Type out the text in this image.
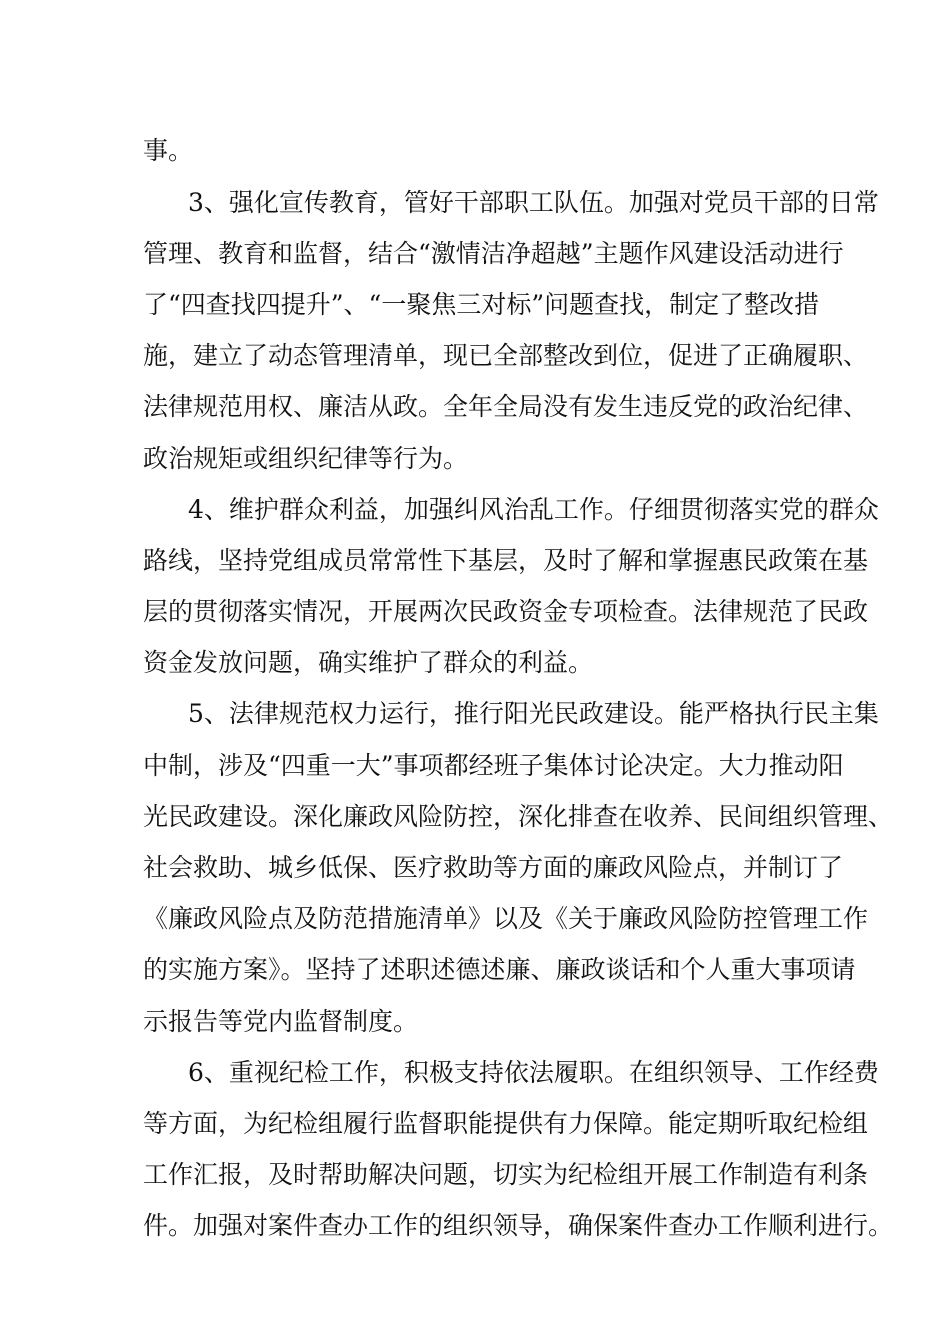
事。

3、强化宣传教育，管好干部职工队伍。加强对党员干部的日常

管理、教育和监督，结合“激情洁净超越”主题作风建设活动进行

了“四查找四提升”、“一聚焦三对标”问题查找，制定了整改措

施，建立了动态管理清单，现已全部整改到位，促进了正确履职、

法律规范用权、廉洁从政。全年全局没有发生违反党的政治纪律、

政治规矩或组织纪律等行为。

4、维护群众利益，加强纠风治乱工作。仔细贯彻落实党的群众

路线，坚持党组成员常常性下基层，及时了解和掌握惠民政策在基

层的贯彻落实情况，开展两次民政资金专项检查。法律规范了民政

资金发放问题，确实维护了群众的利益。

5、法律规范权力运行，推行阳光民政建设。能严格执行民主集

中制，涉及“四重一大”事项都经班子集体讨论决定。大力推动阳

光民政建设。深化廉政风险防控，深化排查在收养、民间组织管理、

社会救助、城乡低保、医疗救助等方面的廉政风险点，并制订了

《廉政风险点及防范措施清单》以及《关于廉政风险防控管理工作

的实施方案》。坚持了述职述德述廉、廉政谈话和个人重大事项请

示报告等党内监督制度。

6、重视纪检工作，积极支持依法履职。在组织领导、工作经费

等方面，为纪检组履行监督职能提供有力保障。能定期听取纪检组

工作汇报，及时帮助解决问题，切实为纪检组开展工作制造有利条

件。加强对案件查办工作的组织领导，确保案件查办工作顺利进行。
